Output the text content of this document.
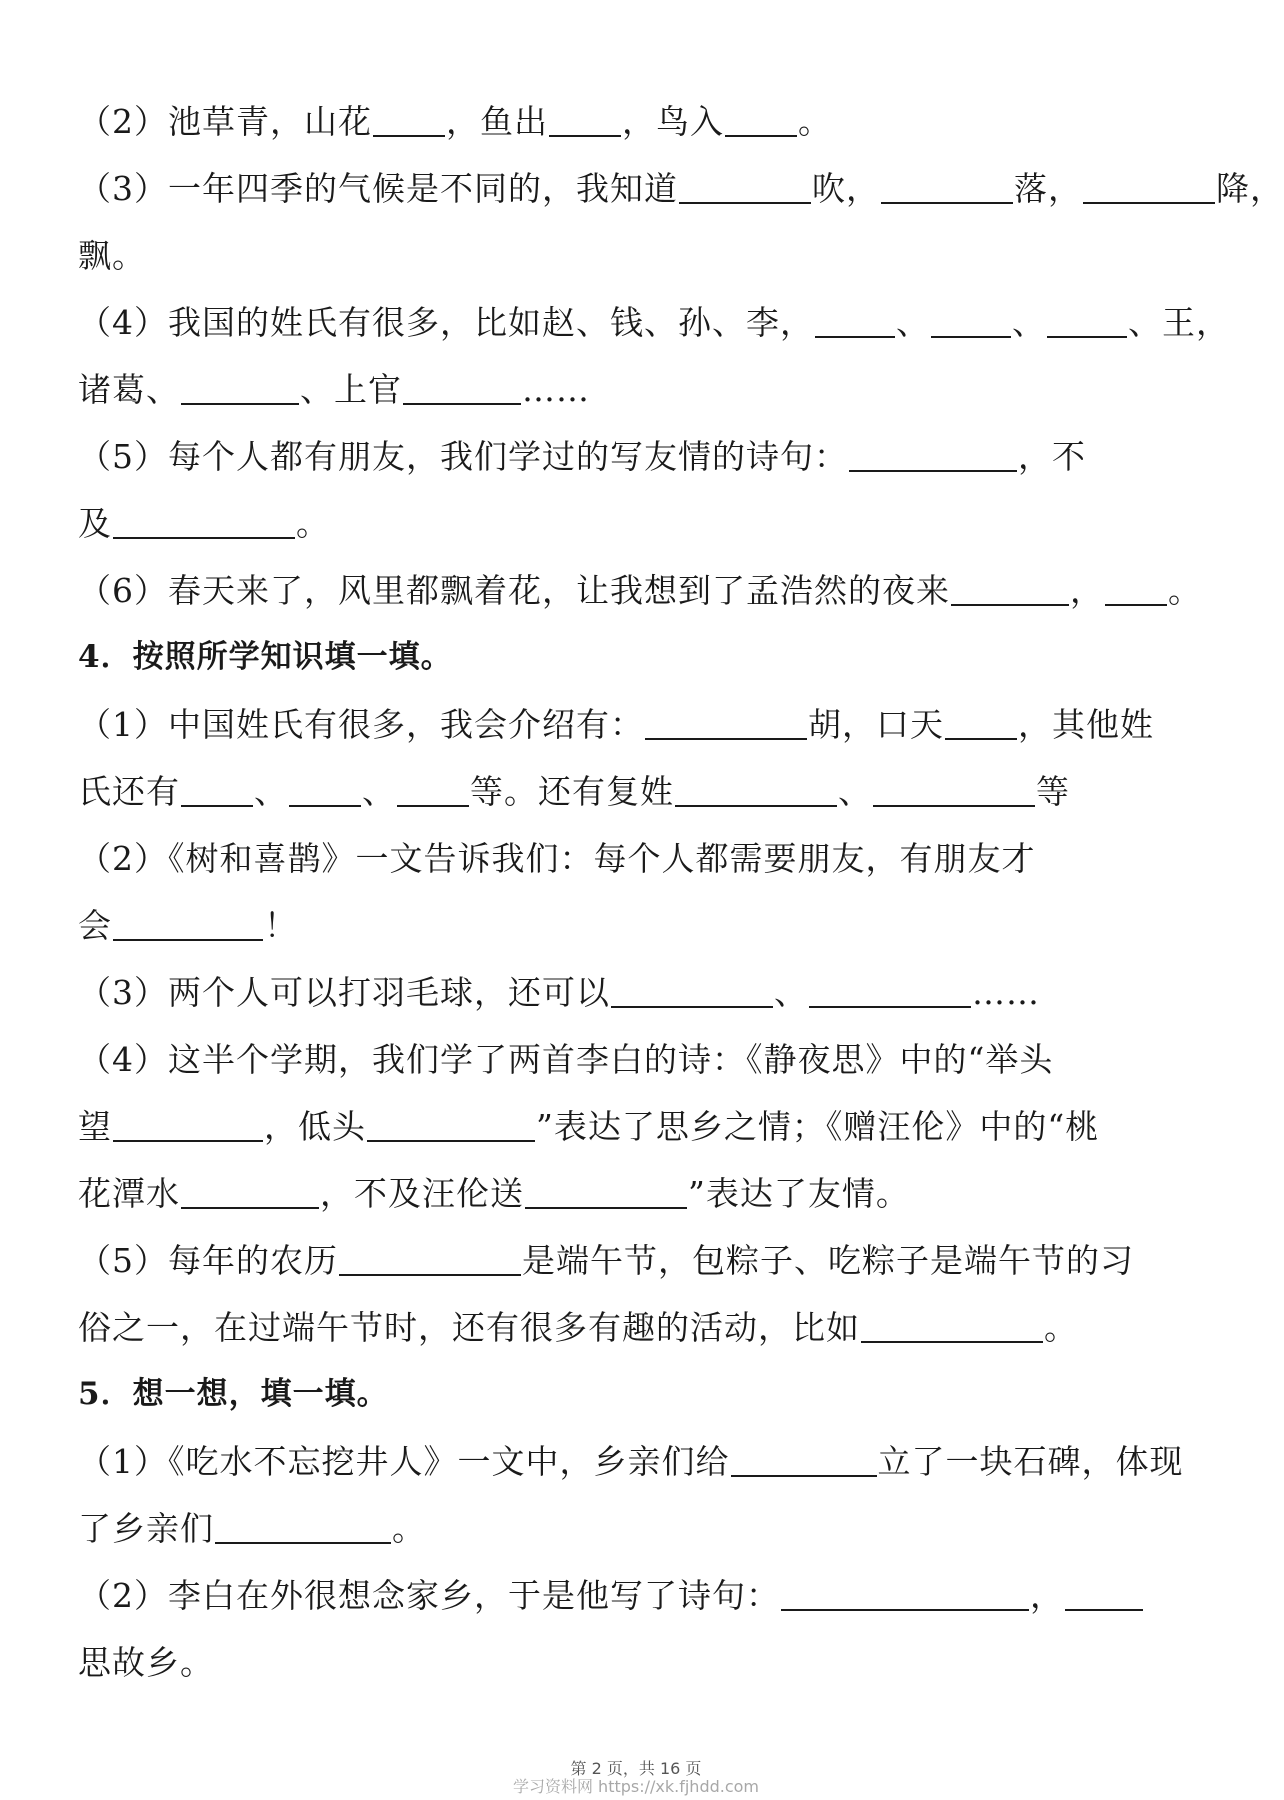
（2）池草青，山花 ，鱼出 ，鸟入 。
（3）一年四季的气候是不同的，我知道	吹，	落，	降，
飘。
（4）我国的姓氏有很多，比如赵、钱、孙、李， 、 、 、王，
诸葛、	、上官	……
（5）每个人都有朋友，我们学过的写友情的诗句：	，不
及	。
（6）春天来了，风里都飘着花，让我想到了孟浩然的夜来	， 。
4．按照所学知识填一填。
（1）中国姓氏有很多，我会介绍有：	胡，口天 ，其他姓
氏还有 、 、 等。还有复姓	、	等
（2）《树和喜鹊》一文告诉我们：每个人都需要朋友，有朋友才
会	！
（3）两个人可以打羽毛球，还可以	、	……
（4）这半个学期，我们学了两首李白的诗：《静夜思》中的“举头
望	，低头	”表达了思乡之情；《赠汪伦》中的“桃
花潭水	，不及汪伦送	”表达了友情。
（5）每年的农历	是端午节，包粽子、吃粽子是端午节的习
俗之一，在过端午节时，还有很多有趣的活动，比如	。
5．想一想，填一填。
（1）《吃水不忘挖井人》一文中，乡亲们给	立了一块石碑，体现
了乡亲们	。
（2）李白在外很想念家乡，于是他写了诗句：	，
思故乡。
第 2 页，共 16 页
学习资料网 https://xk.fjhdd.com
